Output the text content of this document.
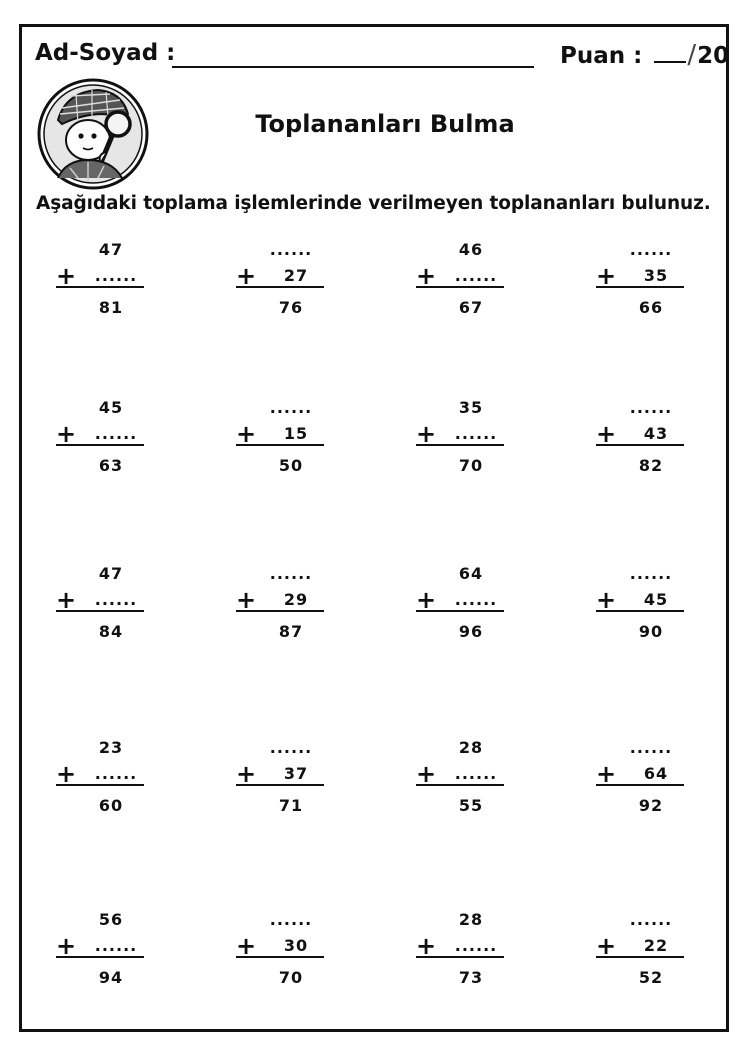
Ad-Soyad :	Puan : /20
Toplananları Bulma
Aşağıdaki toplama işlemlerinde verilmeyen toplananları bulunuz.
47
+	......
81
......
+	27
76
46
+	......
67
......
+	35
66
45
+	......
63
......
+	15
50
35
+	......
70
......
+	43
82
47
+	......
84
......
+	29
87
64
+	......
96
......
+	45
90
23
+	......
60
......
+	37
71
28
+	......
55
......
+	64
92
56
+	......
94
......
+	30
70
28
+	......
73
......
+	22
52
